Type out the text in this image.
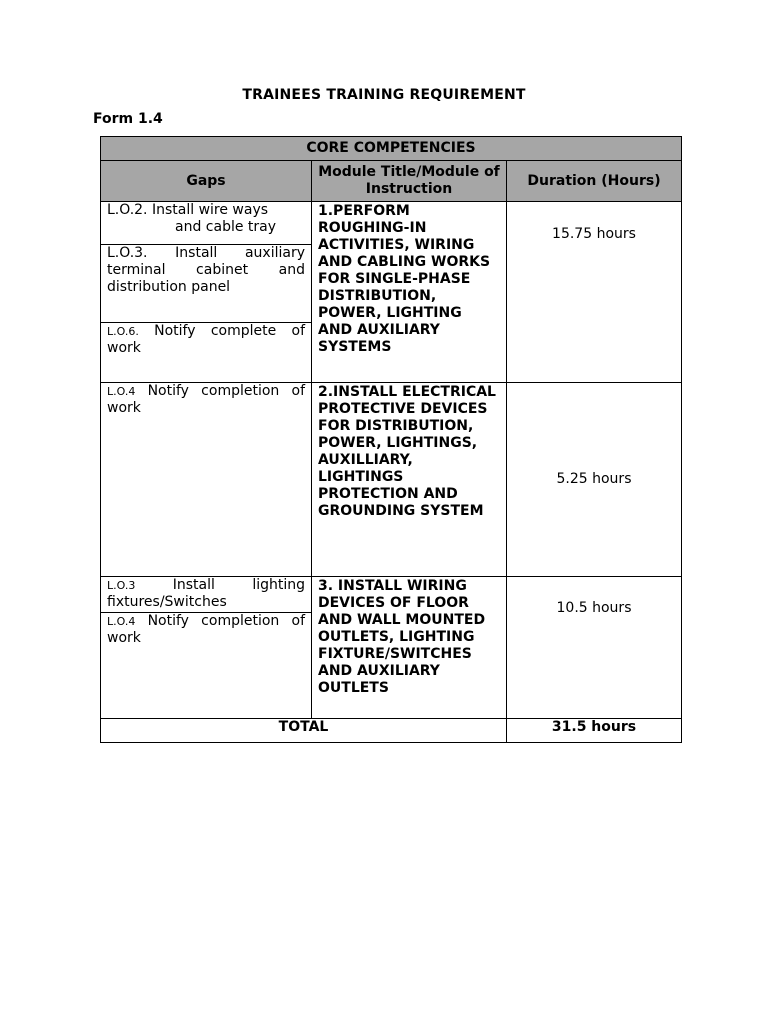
TRAINEES TRAINING REQUIREMENT
Form 1.4
CORE COMPETENCIES		
Gaps	Module Title/Module of Instruction	Duration (Hours)

L.O.2. Install wire ways
and cable tray
L.O.3. Install auxiliary terminal cabinet and distribution panel
L.O.6. Notify complete of work	1.PERFORM ROUGHING-IN ACTIVITIES, WIRING AND CABLING WORKS FOR SINGLE-PHASE DISTRIBUTION, POWER, LIGHTING AND AUXILIARY SYSTEMS	15.75 hours

L.O.4 Notify completion of work	2.INSTALL ELECTRICAL PROTECTIVE DEVICES FOR DISTRIBUTION, POWER, LIGHTINGS, AUXILLIARY, LIGHTINGS PROTECTION AND GROUNDING SYSTEM	5.25 hours

L.O.3 Install lighting fixtures/Switches
L.O.4 Notify completion of work	3. INSTALL WIRING DEVICES OF FLOOR AND WALL MOUNTED OUTLETS, LIGHTING FIXTURE/SWITCHES AND AUXILIARY OUTLETS	10.5 hours
TOTAL		31.5 hours
